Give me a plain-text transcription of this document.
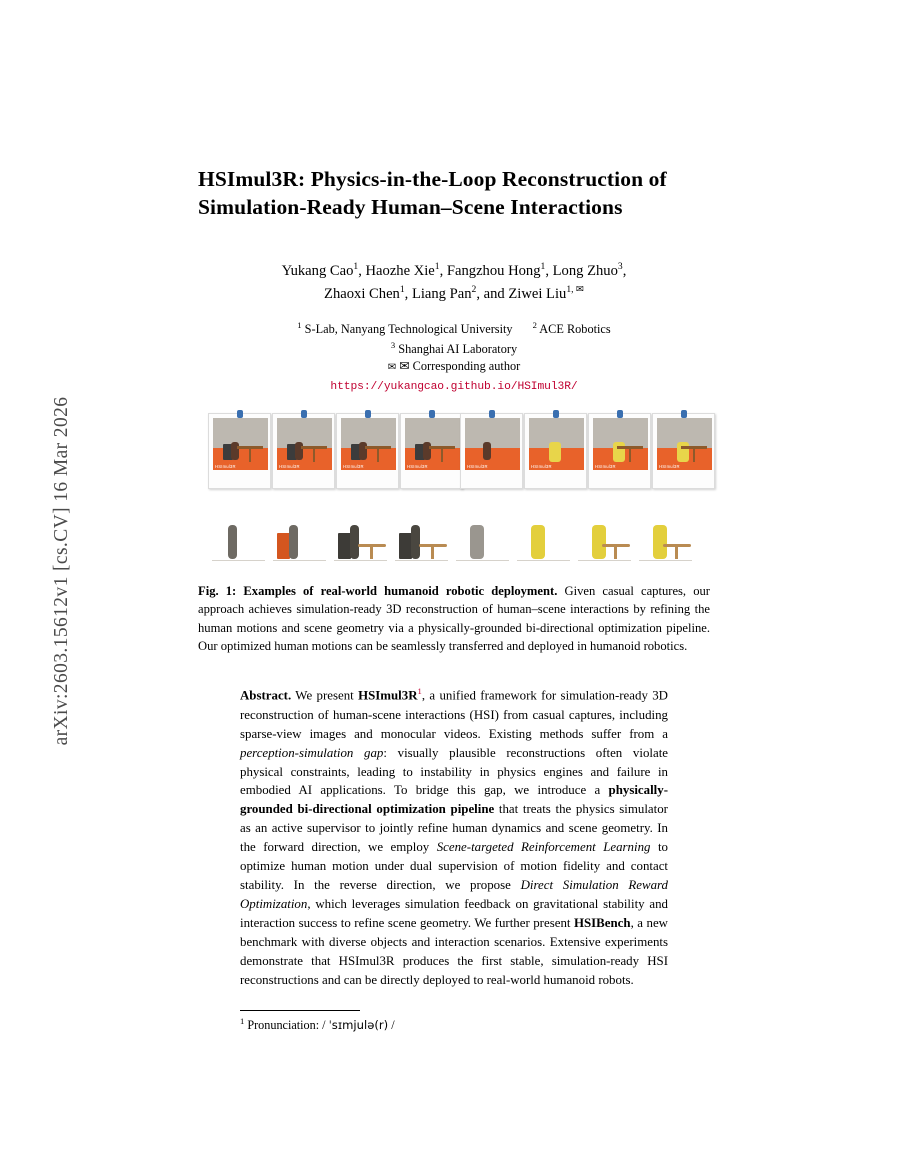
arXiv:2603.15612v1 [cs.CV] 16 Mar 2026
HSImul3R: Physics-in-the-Loop Reconstruction of
Simulation-Ready Human–Scene Interactions
Yukang Cao$^1$, Haozhe Xie$^1$, Fangzhou Hong$^1$, Long Zhuo$^3$,
Zhaoxi Chen$^1$, Liang Pan$^2$, and Ziwei Liu$^{1, ✉}$
$^1$ S-Lab, Nanyang Technological University $^2$ ACE Robotics
$^3$ Shanghai AI Laboratory
✉ ✉ Corresponding author
https://yukangcao.github.io/HSImul3R/
HSImul3R	HSImul3R	HSImul3R	HSImul3R	HSImul3R	HSImul3R	HSImul3R	HSImul3R
Fig. 1: Examples of real-world humanoid robotic deployment. Given casual captures, our approach achieves simulation-ready 3D reconstruction of human–scene interactions by refining the human motions and scene geometry via a physically-grounded bi-directional optimization pipeline. Our optimized human motions can be seamlessly transferred and deployed in humanoid robotics.
Abstract. We present HSImul3R$^1$, a unified framework for simulation-ready 3D reconstruction of human-scene interactions (HSI) from casual captures, including sparse-view images and monocular videos. Existing methods suffer from a perception-simulation gap: visually plausible reconstructions often violate physical constraints, leading to instability in physics engines and failure in embodied AI applications. To bridge this gap, we introduce a physically-grounded bi-directional optimization pipeline that treats the physics simulator as an active supervisor to jointly refine human dynamics and scene geometry. In the forward direction, we employ Scene-targeted Reinforcement Learning to optimize human motion under dual supervision of motion fidelity and contact stability. In the reverse direction, we propose Direct Simulation Reward Optimization, which leverages simulation feedback on gravitational stability and interaction success to refine scene geometry. We further present HSIBench, a new benchmark with diverse objects and interaction scenarios. Extensive experiments demonstrate that HSImul3R produces the first stable, simulation-ready HSI reconstructions and can be directly deployed to real-world humanoid robots.
$^1$ Pronunciation: / ˈsɪmjulə(r) /
